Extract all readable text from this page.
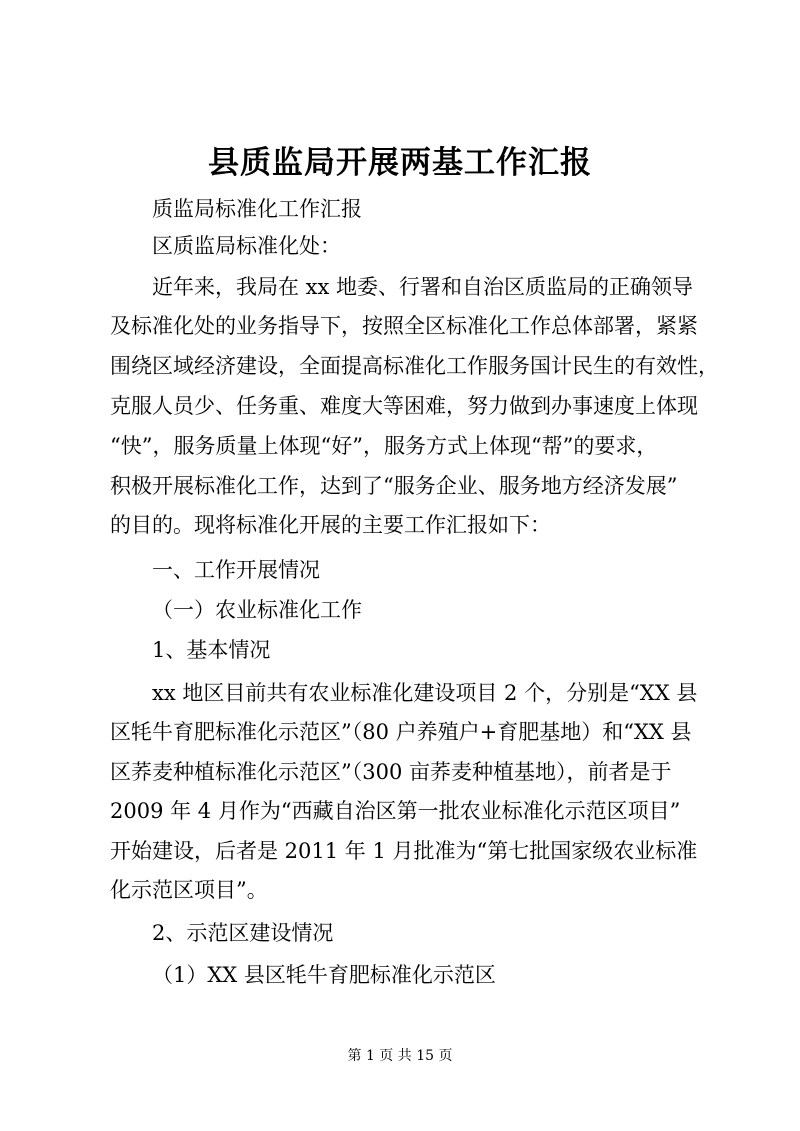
县质监局开展两基工作汇报
质监局标准化工作汇报
区质监局标准化处：
近年来，我局在 xx 地委、行署和自治区质监局的正确领导
及标准化处的业务指导下，按照全区标准化工作总体部署，紧紧
围绕区域经济建设，全面提高标准化工作服务国计民生的有效性，
克服人员少、任务重、难度大等困难，努力做到办事速度上体现
“快”，服务质量上体现“好”，服务方式上体现“帮”的要求，
积极开展标准化工作，达到了“服务企业、服务地方经济发展”
的目的。现将标准化开展的主要工作汇报如下：
一、工作开展情况
（一）农业标准化工作
1、基本情况
xx 地区目前共有农业标准化建设项目 2 个，分别是“XX 县
区牦牛育肥标准化示范区”（80 户养殖户+育肥基地）和“XX 县
区荞麦种植标准化示范区”（300 亩荞麦种植基地），前者是于
2009 年 4 月作为“西藏自治区第一批农业标准化示范区项目”
开始建设，后者是 2011 年 1 月批准为“第七批国家级农业标准
化示范区项目”。
2、示范区建设情况
（1）XX 县区牦牛育肥标准化示范区
第 1 页 共 15 页
